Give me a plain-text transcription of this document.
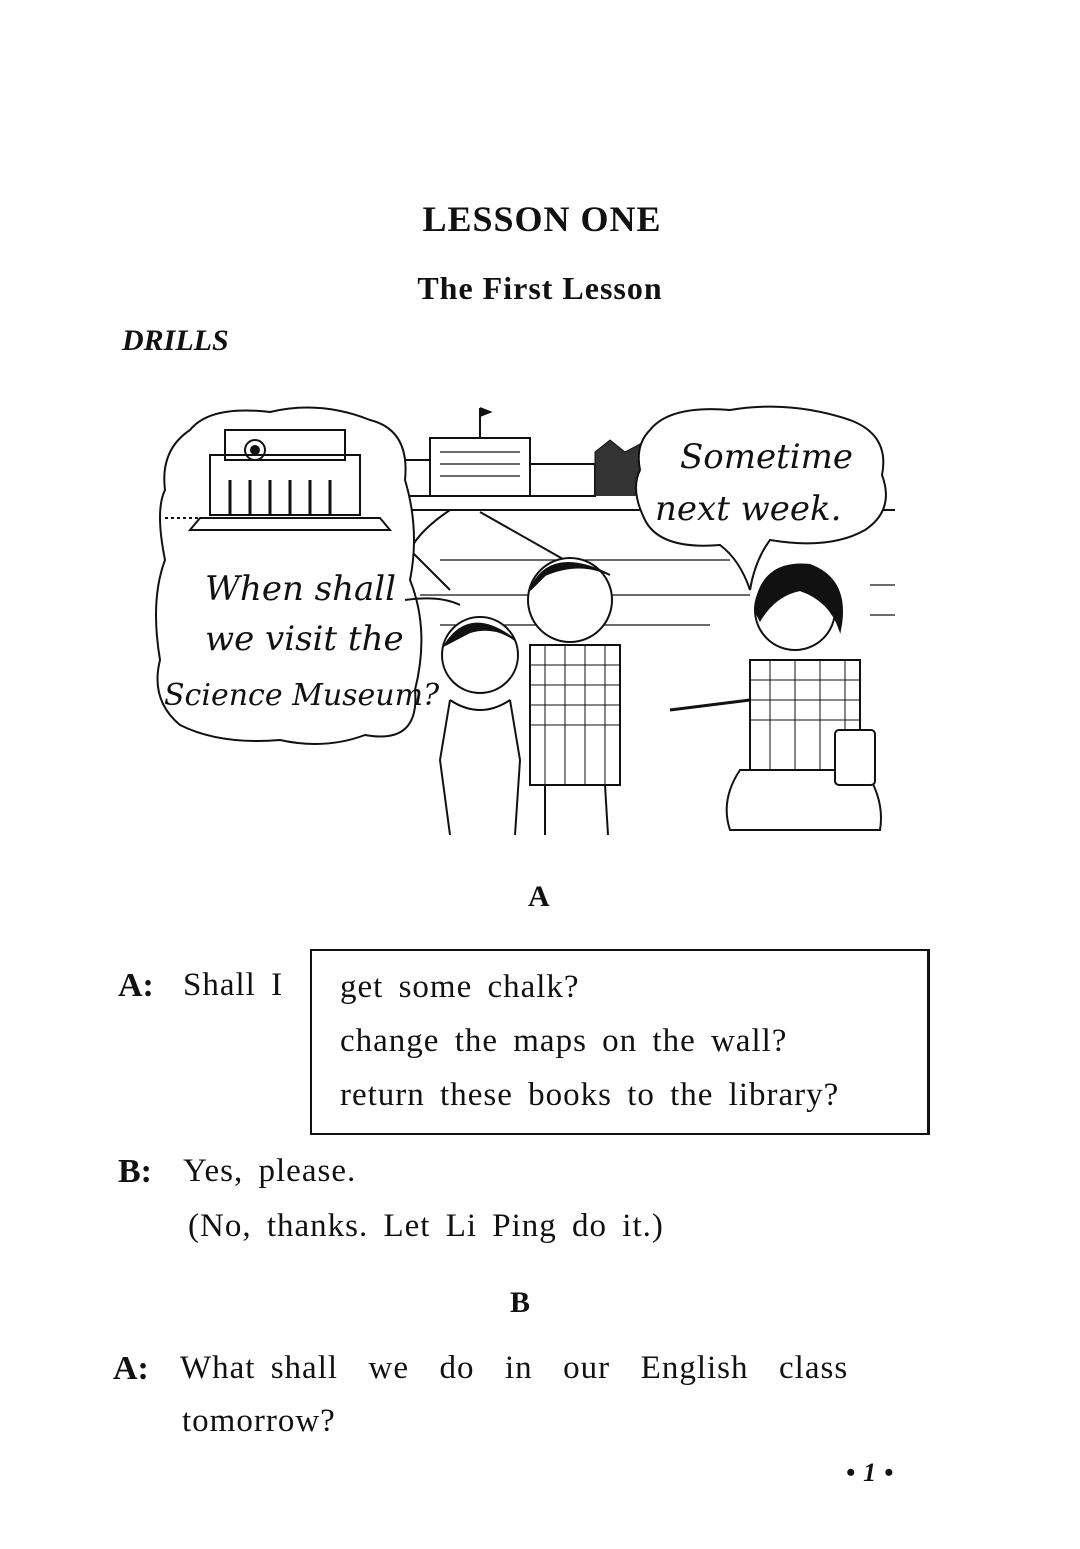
LESSON ONE
The First Lesson
DRILLS
When shall
we visit the
Science Museum?
Sometime
next week.
A
A: Shall I get some chalk?
change the maps on the wall?
return these books to the library?
B: Yes, please.
(No, thanks. Let Li Ping do it.)
B
A: What shall  we  do  in  our  English  class
tomorrow?
•1•
